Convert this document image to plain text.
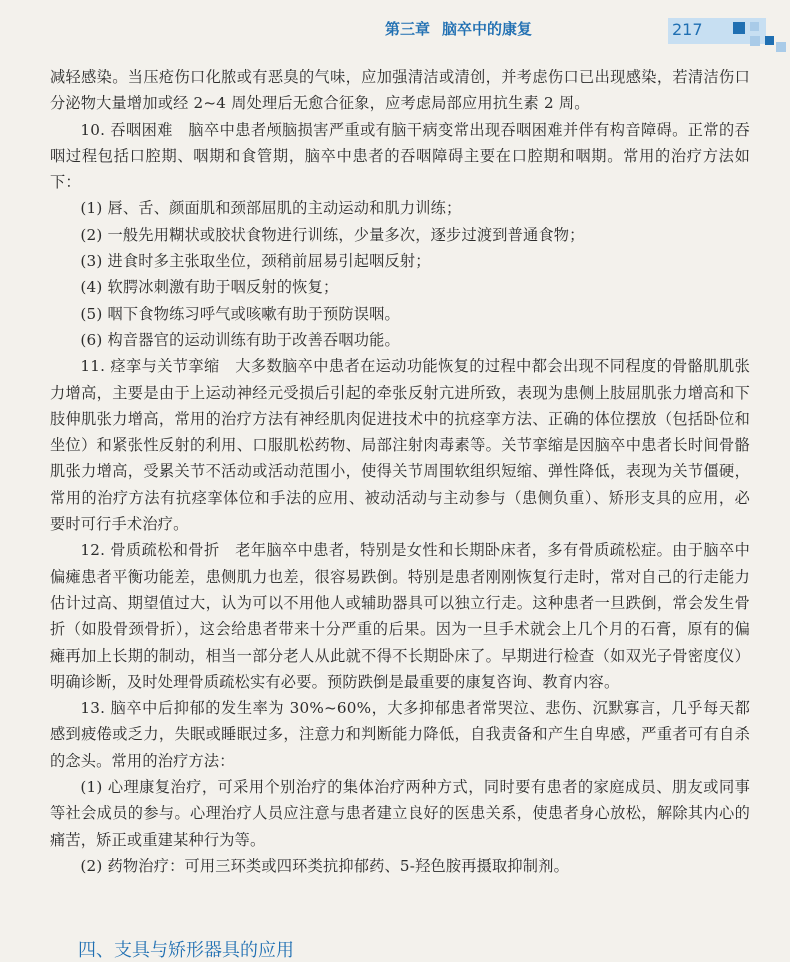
第三章 脑卒中的康复	217

减轻感染。当压疮伤口化脓或有恶臭的气味，应加强清洁或清创，并考虑伤口已出现感染，若清洁伤口分泌物大量增加或经 2~4 周处理后无愈合征象，应考虑局部应用抗生素 2 周。

10. 吞咽困难　脑卒中患者颅脑损害严重或有脑干病变常出现吞咽困难并伴有构音障碍。正常的吞咽过程包括口腔期、咽期和食管期，脑卒中患者的吞咽障碍主要在口腔期和咽期。常用的治疗方法如下：

(1) 唇、舌、颜面肌和颈部屈肌的主动运动和肌力训练；

(2) 一般先用糊状或胶状食物进行训练，少量多次，逐步过渡到普通食物；

(3) 进食时多主张取坐位，颈稍前屈易引起咽反射；

(4) 软腭冰刺激有助于咽反射的恢复；

(5) 咽下食物练习呼气或咳嗽有助于预防误咽。

(6) 构音器官的运动训练有助于改善吞咽功能。

11. 痉挛与关节挛缩　大多数脑卒中患者在运动功能恢复的过程中都会出现不同程度的骨骼肌肌张力增高，主要是由于上运动神经元受损后引起的牵张反射亢进所致，表现为患侧上肢屈肌张力增高和下肢伸肌张力增高，常用的治疗方法有神经肌肉促进技术中的抗痉挛方法、正确的体位摆放（包括卧位和坐位）和紧张性反射的利用、口服肌松药物、局部注射肉毒素等。关节挛缩是因脑卒中患者长时间骨骼肌张力增高，受累关节不活动或活动范围小，使得关节周围软组织短缩、弹性降低，表现为关节僵硬，常用的治疗方法有抗痉挛体位和手法的应用、被动活动与主动参与（患侧负重）、矫形支具的应用，必要时可行手术治疗。

12. 骨质疏松和骨折　老年脑卒中患者，特别是女性和长期卧床者，多有骨质疏松症。由于脑卒中偏瘫患者平衡功能差，患侧肌力也差，很容易跌倒。特别是患者刚刚恢复行走时，常对自己的行走能力估计过高、期望值过大，认为可以不用他人或辅助器具可以独立行走。这种患者一旦跌倒，常会发生骨折（如股骨颈骨折），这会给患者带来十分严重的后果。因为一旦手术就会上几个月的石膏，原有的偏瘫再加上长期的制动，相当一部分老人从此就不得不长期卧床了。早期进行检查（如双光子骨密度仪）明确诊断，及时处理骨质疏松实有必要。预防跌倒是最重要的康复咨询、教育内容。

13. 脑卒中后抑郁的发生率为 30%~60%，大多抑郁患者常哭泣、悲伤、沉默寡言，几乎每天都感到疲倦或乏力，失眠或睡眠过多，注意力和判断能力降低，自我责备和产生自卑感，严重者可有自杀的念头。常用的治疗方法：

(1) 心理康复治疗，可采用个别治疗的集体治疗两种方式，同时要有患者的家庭成员、朋友或同事等社会成员的参与。心理治疗人员应注意与患者建立良好的医患关系，使患者身心放松，解除其内心的痛苦，矫正或重建某种行为等。

(2) 药物治疗：可用三环类或四环类抗抑郁药、5-羟色胺再摄取抑制剂。

四、支具与矫形器具的应用
